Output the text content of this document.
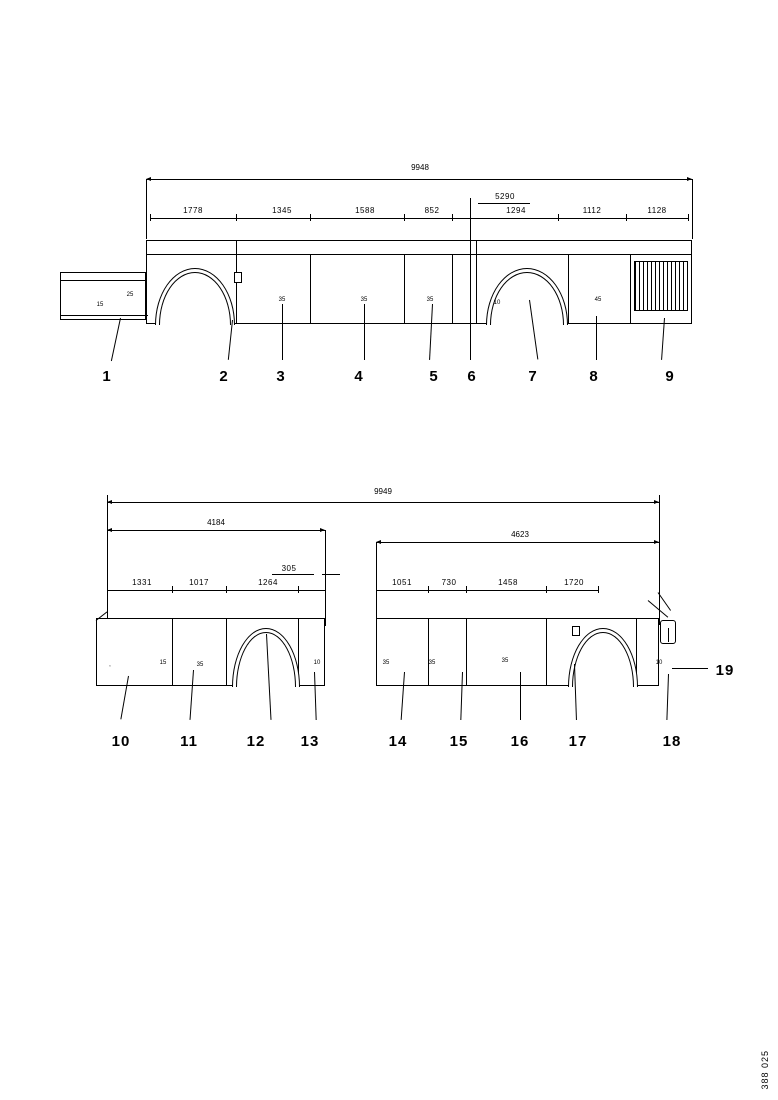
9948
1778	1345	1588	852
5290
1294	1112	1128
15
25
35	35	35	10	45
1	2	3	4	5 6	7	8	9
9949
4184
1331	1017	1264
305
,	15	35	10
10	11	12 13
4623
1051	730	1458	1720
35	35	35	10
14	15	16	17	18
19
388 025
